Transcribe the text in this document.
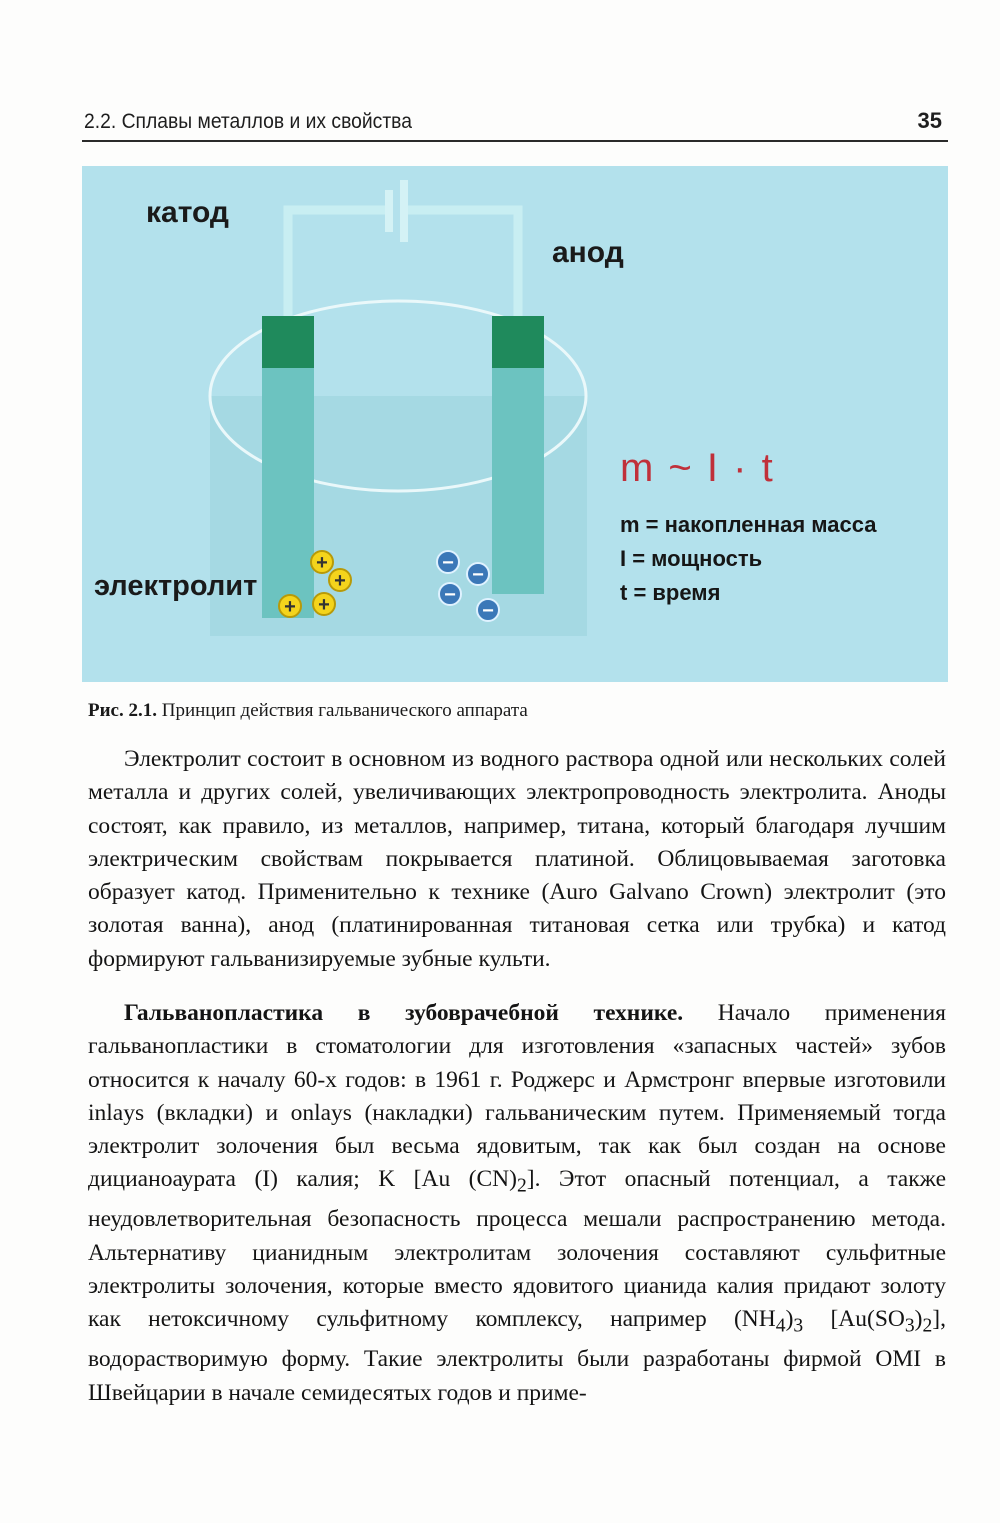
2.2. Сплавы металлов и их свойства	35
+
+
+ +
−
−
−
−
катод
анод
электролит
m ~ I · t
m = накопленная масса
I = мощность
t = время
Рис. 2.1. Принцип действия гальванического аппарата
Электролит состоит в основном из водного раствора одной или нескольких солей металла и других солей, увеличивающих электропроводность электролита. Аноды состоят, как правило, из металлов, например, титана, который благодаря лучшим электрическим свойствам покрывается платиной. Облицовываемая заготовка образует катод. Применительно к технике (Auro Galvano Crown) электролит (это золотая ванна), анод (платинированная титановая сетка или трубка) и катод формируют гальванизируемые зубные культи.
Гальванопластика в зубоврачебной технике. Начало применения гальванопластики в стоматологии для изготовления «запасных частей» зубов относится к началу 60-х годов: в 1961 г. Роджерс и Армстронг впервые изготовили inlays (вкладки) и onlays (накладки) гальваническим путем. Применяемый тогда электролит золочения был весьма ядовитым, так как был создан на основе дицианоаурата (I) калия; K [Au $(CN)_2$]. Этот опасный потенциал, а также неудовлетворительная безопасность процесса мешали распространению метода. Альтернативу цианидным электролитам золочения составляют сульфитные электролиты золочения, которые вместо ядовитого цианида калия придают золоту как нетоксичному сульфитному комплексу, например $(NH_4)_3$ $[Au(SO_3)_2]$, водорастворимую форму. Такие электролиты были разработаны фирмой OMI в Швейцарии в начале семидесятых годов и приме-
